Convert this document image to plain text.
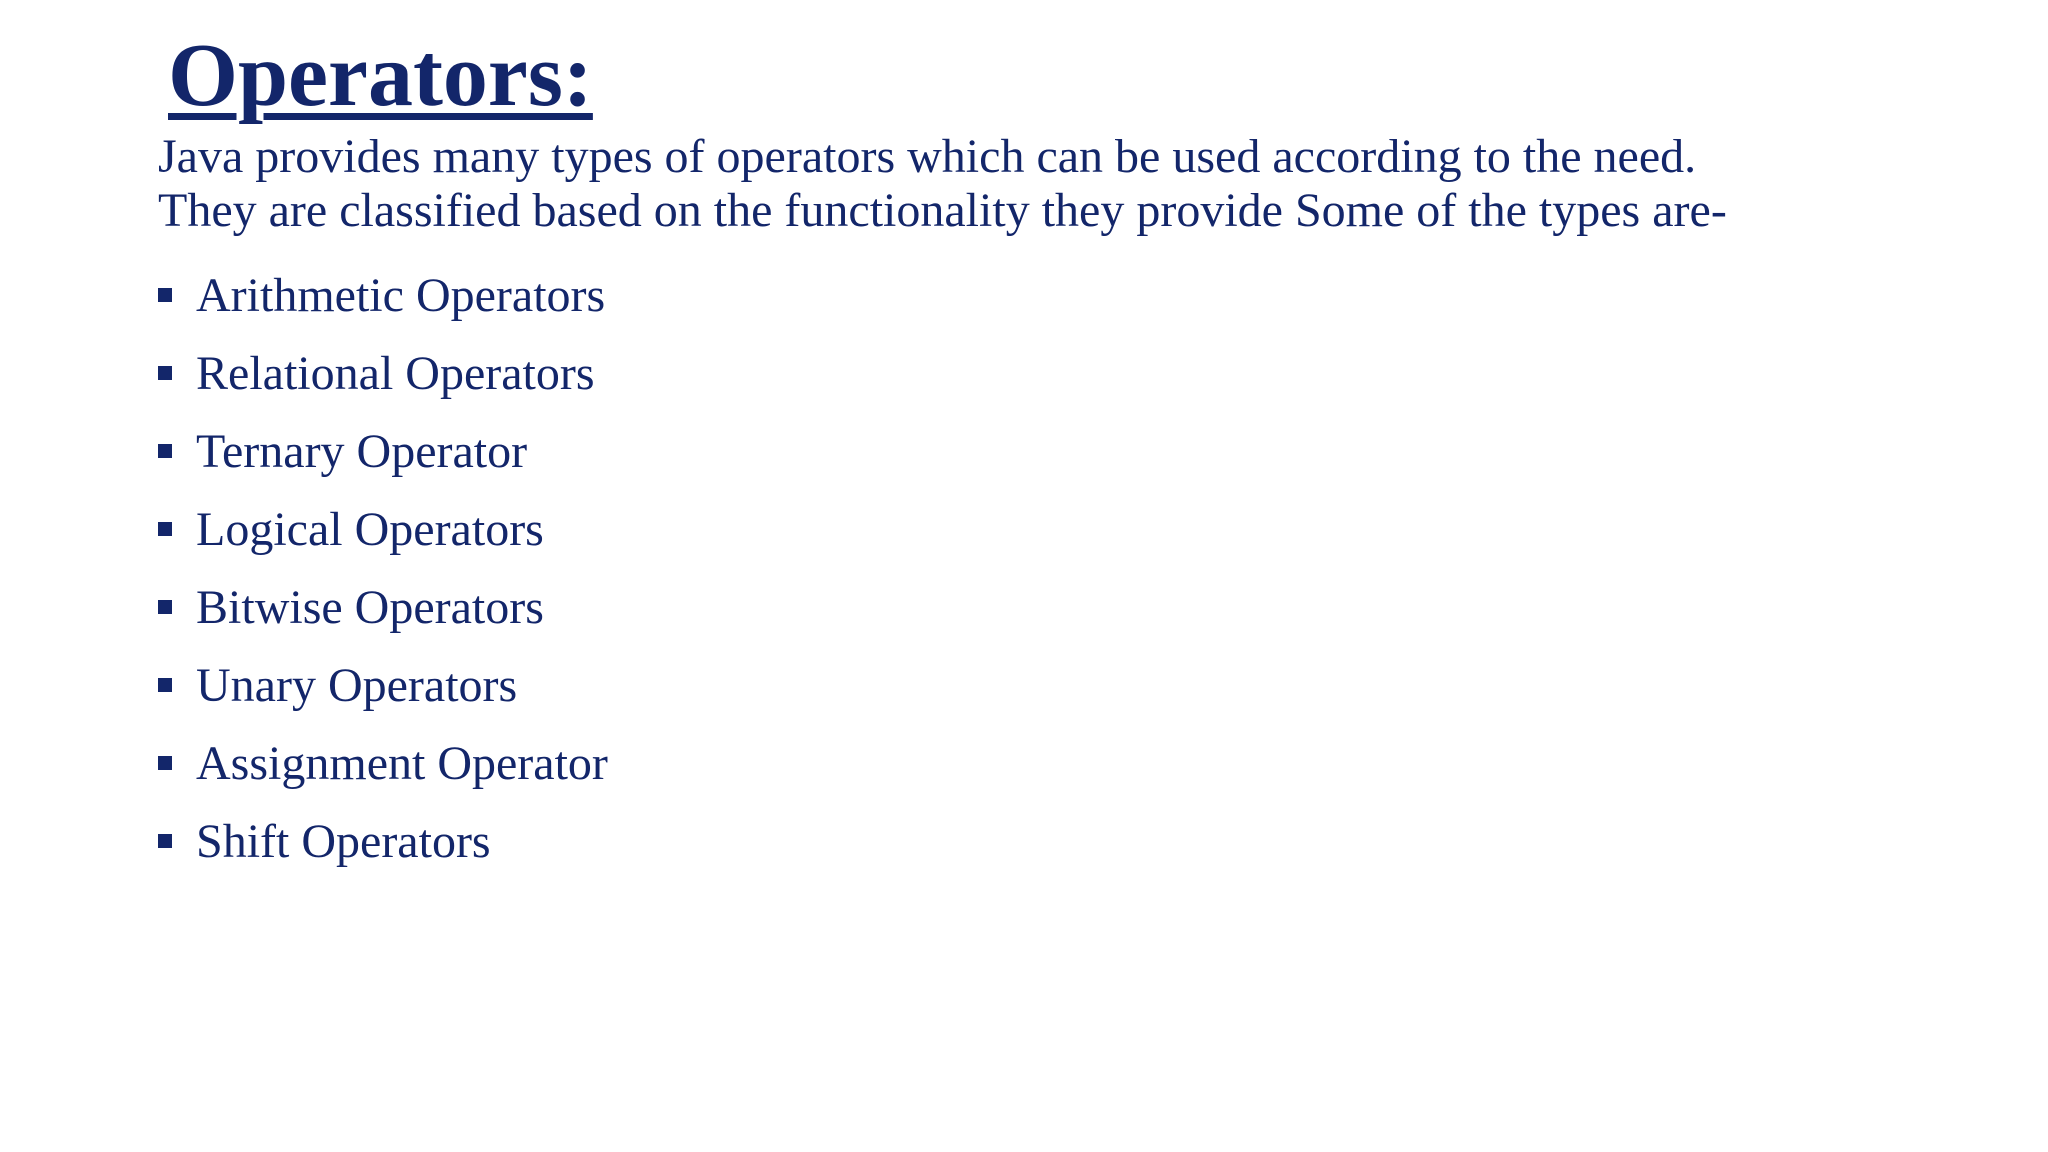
Operators:

Java provides many types of operators which can be used according to the need.
They are classified based on the functionality they provide Some of the types are-

Arithmetic Operators
Relational Operators
Ternary Operator
Logical Operators
Bitwise Operators
Unary Operators
Assignment Operator
Shift Operators
